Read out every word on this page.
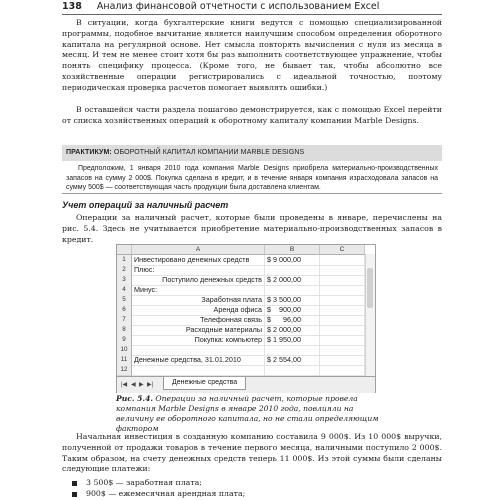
138 Анализ финансовой отчетности с использованием Excel

В ситуации, когда бухгалтерские книги ведутся с помощью специализированной программы, подобное вычитание является наилучшим способом определения оборотного капитала на регулярной основе. Нет смысла повторять вычисления с нуля из месяца в месяц. И тем не менее стоит хотя бы раз выполнить соответствующее упражнение, чтобы понять специфику процесса. (Кроме того, не бывает так, чтобы абсолютно все хозяйственные операции регистрировались с идеальной точностью, поэтому периодическая проверка расчетов помогает выявлять ошибки.)

В оставшейся части раздела пошагово демонстрируется, как с помощью Excel перейти от списка хозяйственных операций к оборотному капиталу компании Marble Designs.

ПРАКТИКУМ: ОБОРОТНЫЙ КАПИТАЛ КОМПАНИИ MARBLE DESIGNS
Предположим, 1 января 2010 года компания Marble Designs приобрела материально-производственных запасов на сумму 2 000$. Покупка сделана в кредит, и в течение января компания израсходовала запасов на сумму 500$ — соответствующая часть продукции была доставлена клиентам.
Учет операций за наличный расчет

Операции за наличный расчет, которые были проведены в январе, перечислены на рис. 5.4. Здесь не учитывается приобретение материально-производственных запасов в кредит.

A	B	C
1	Инвестировано денежных средств	$ 9 000,00
2	Плюс:
3	Поступило денежных средств $ 2 000,00
4	Минус:
5	Заработная плата $ 3 500,00
6	Аренда офиса $    900,00
7	Телефонная связь $      96,00
8	Расходные материалы $ 2 000,00
9	Покупка: компьютер $ 1 950,00
10
11 Денежные средства, 31.01.2010	$ 2 554,00
12
|◀ ◀ ▶ ▶|	Денежные средства
Рис. 5.4. Операции за наличный расчет, которые провела компания Marble Designs в январе 2010 года, повлияли на величину ее оборотного капитала, но не стали определяющим фактором

Начальная инвестиция в созданную компанию составила 9 000$. Из 10 000$ выручки, полученной от продажи товаров в течение первого месяца, наличными поступило 2 000$. Таким образом, на счету денежных средств теперь 11 000$. Из этой суммы были сделаны следующие платежи:

3 500$ — заработная плата;
900$ — ежемесячная арендная плата;
